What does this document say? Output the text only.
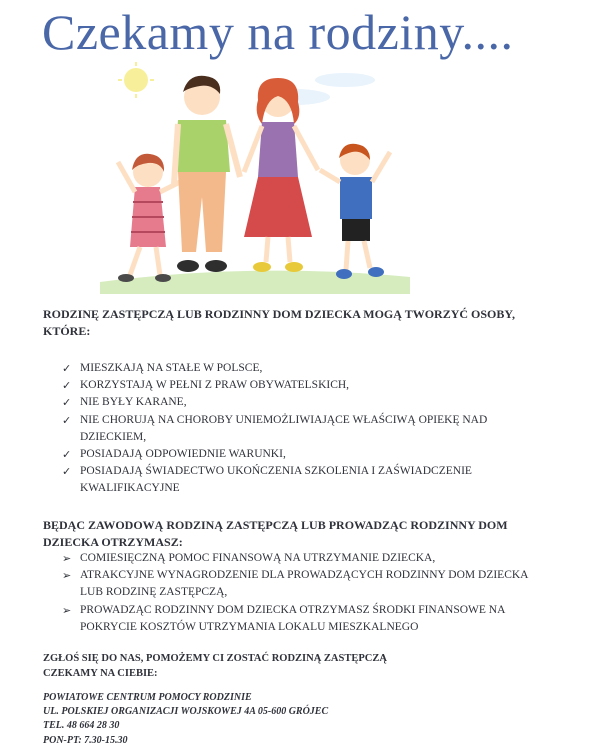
Czekamy na rodziny....
RODZINĘ ZASTĘPCZĄ LUB RODZINNY DOM DZIECKA MOGĄ TWORZYĆ OSOBY, KTÓRE:
✓ MIESZKAJĄ NA STAŁE W POLSCE,
✓ KORZYSTAJĄ W PEŁNI Z PRAW OBYWATELSKICH,
✓ NIE BYŁY KARANE,
✓ NIE CHORUJĄ NA CHOROBY UNIEMOŻLIWIAJĄCE WŁAŚCIWĄ OPIEKĘ NAD DZIECKIEM,
✓ POSIADAJĄ ODPOWIEDNIE WARUNKI,
✓ POSIADAJĄ ŚWIADECTWO UKOŃCZENIA SZKOLENIA I ZAŚWIADCZENIE KWALIFIKACYJNE
BĘDĄC ZAWODOWĄ RODZINĄ ZASTĘPCZĄ LUB PROWADZĄC RODZINNY DOM DZIECKA OTRZYMASZ:
➢ COMIESIĘCZNĄ POMOC FINANSOWĄ NA UTRZYMANIE DZIECKA,
➢ ATRAKCYJNE WYNAGRODZENIE DLA PROWADZĄCYCH RODZINNY DOM DZIECKA LUB RODZINĘ ZASTĘPCZĄ,
➢ PROWADZĄC RODZINNY DOM DZIECKA OTRZYMASZ ŚRODKI FINANSOWE NA POKRYCIE KOSZTÓW UTRZYMANIA LOKALU MIESZKALNEGO
ZGŁOŚ SIĘ DO NAS, POMOŻEMY CI ZOSTAĆ RODZINĄ ZASTĘPCZĄ
CZEKAMY NA CIEBIE:
POWIATOWE CENTRUM POMOCY RODZINIE
UL. POLSKIEJ ORGANIZACJI WOJSKOWEJ 4A 05-600 GRÓJEC
TEL. 48 664 28 30
PON-PT: 7.30-15.30
